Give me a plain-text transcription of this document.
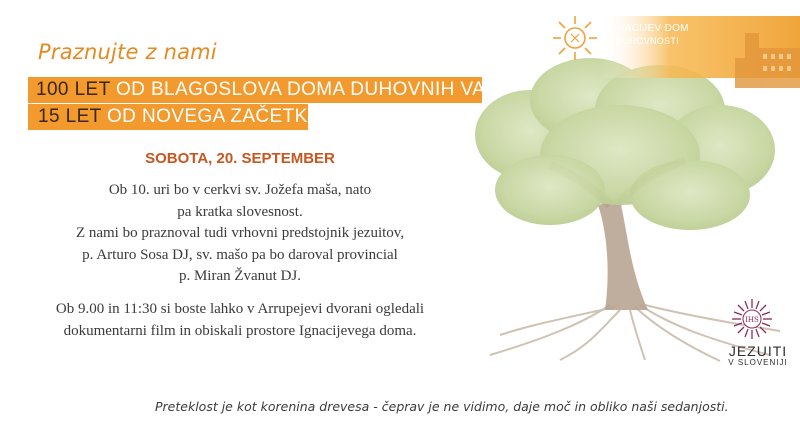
IGNACIJEV DOM
DUHOVNOSTI
Praznujte z nami
100 LET OD BLAGOSLOVA DOMA DUHOVNIH VAJ
15 LET OD NOVEGA ZAČETKA
SOBOTA, 20. SEPTEMBER
Ob 10. uri bo v cerkvi sv. Jožefa maša, nato
pa kratka slovesnost.
Z nami bo praznoval tudi vrhovni predstojnik jezuitov,
p. Arturo Sosa DJ, sv. mašo pa bo daroval provincial
p. Miran Žvanut DJ.
Ob 9.00 in 11:30 si boste lahko v Arrupejevi dvorani ogledali
dokumentarni film in obiskali prostore Ignacijevega doma.
IHS
JEZUITI
V SLOVENIJI
Preteklost je kot korenina drevesa - čeprav je ne vidimo, daje moč in obliko naši sedanjosti.
